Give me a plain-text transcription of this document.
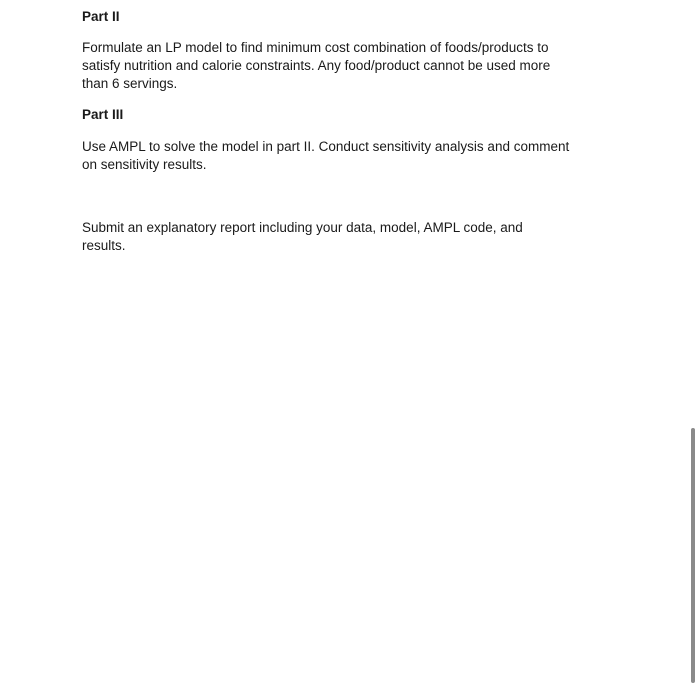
Part II
Formulate an LP model to find minimum cost combination of foods/products to
satisfy nutrition and calorie constraints. Any food/product cannot be used more
than 6 servings.
Part III
Use AMPL to solve the model in part II. Conduct sensitivity analysis and comment
on sensitivity results.
Submit an explanatory report including your data, model, AMPL code, and
results.
